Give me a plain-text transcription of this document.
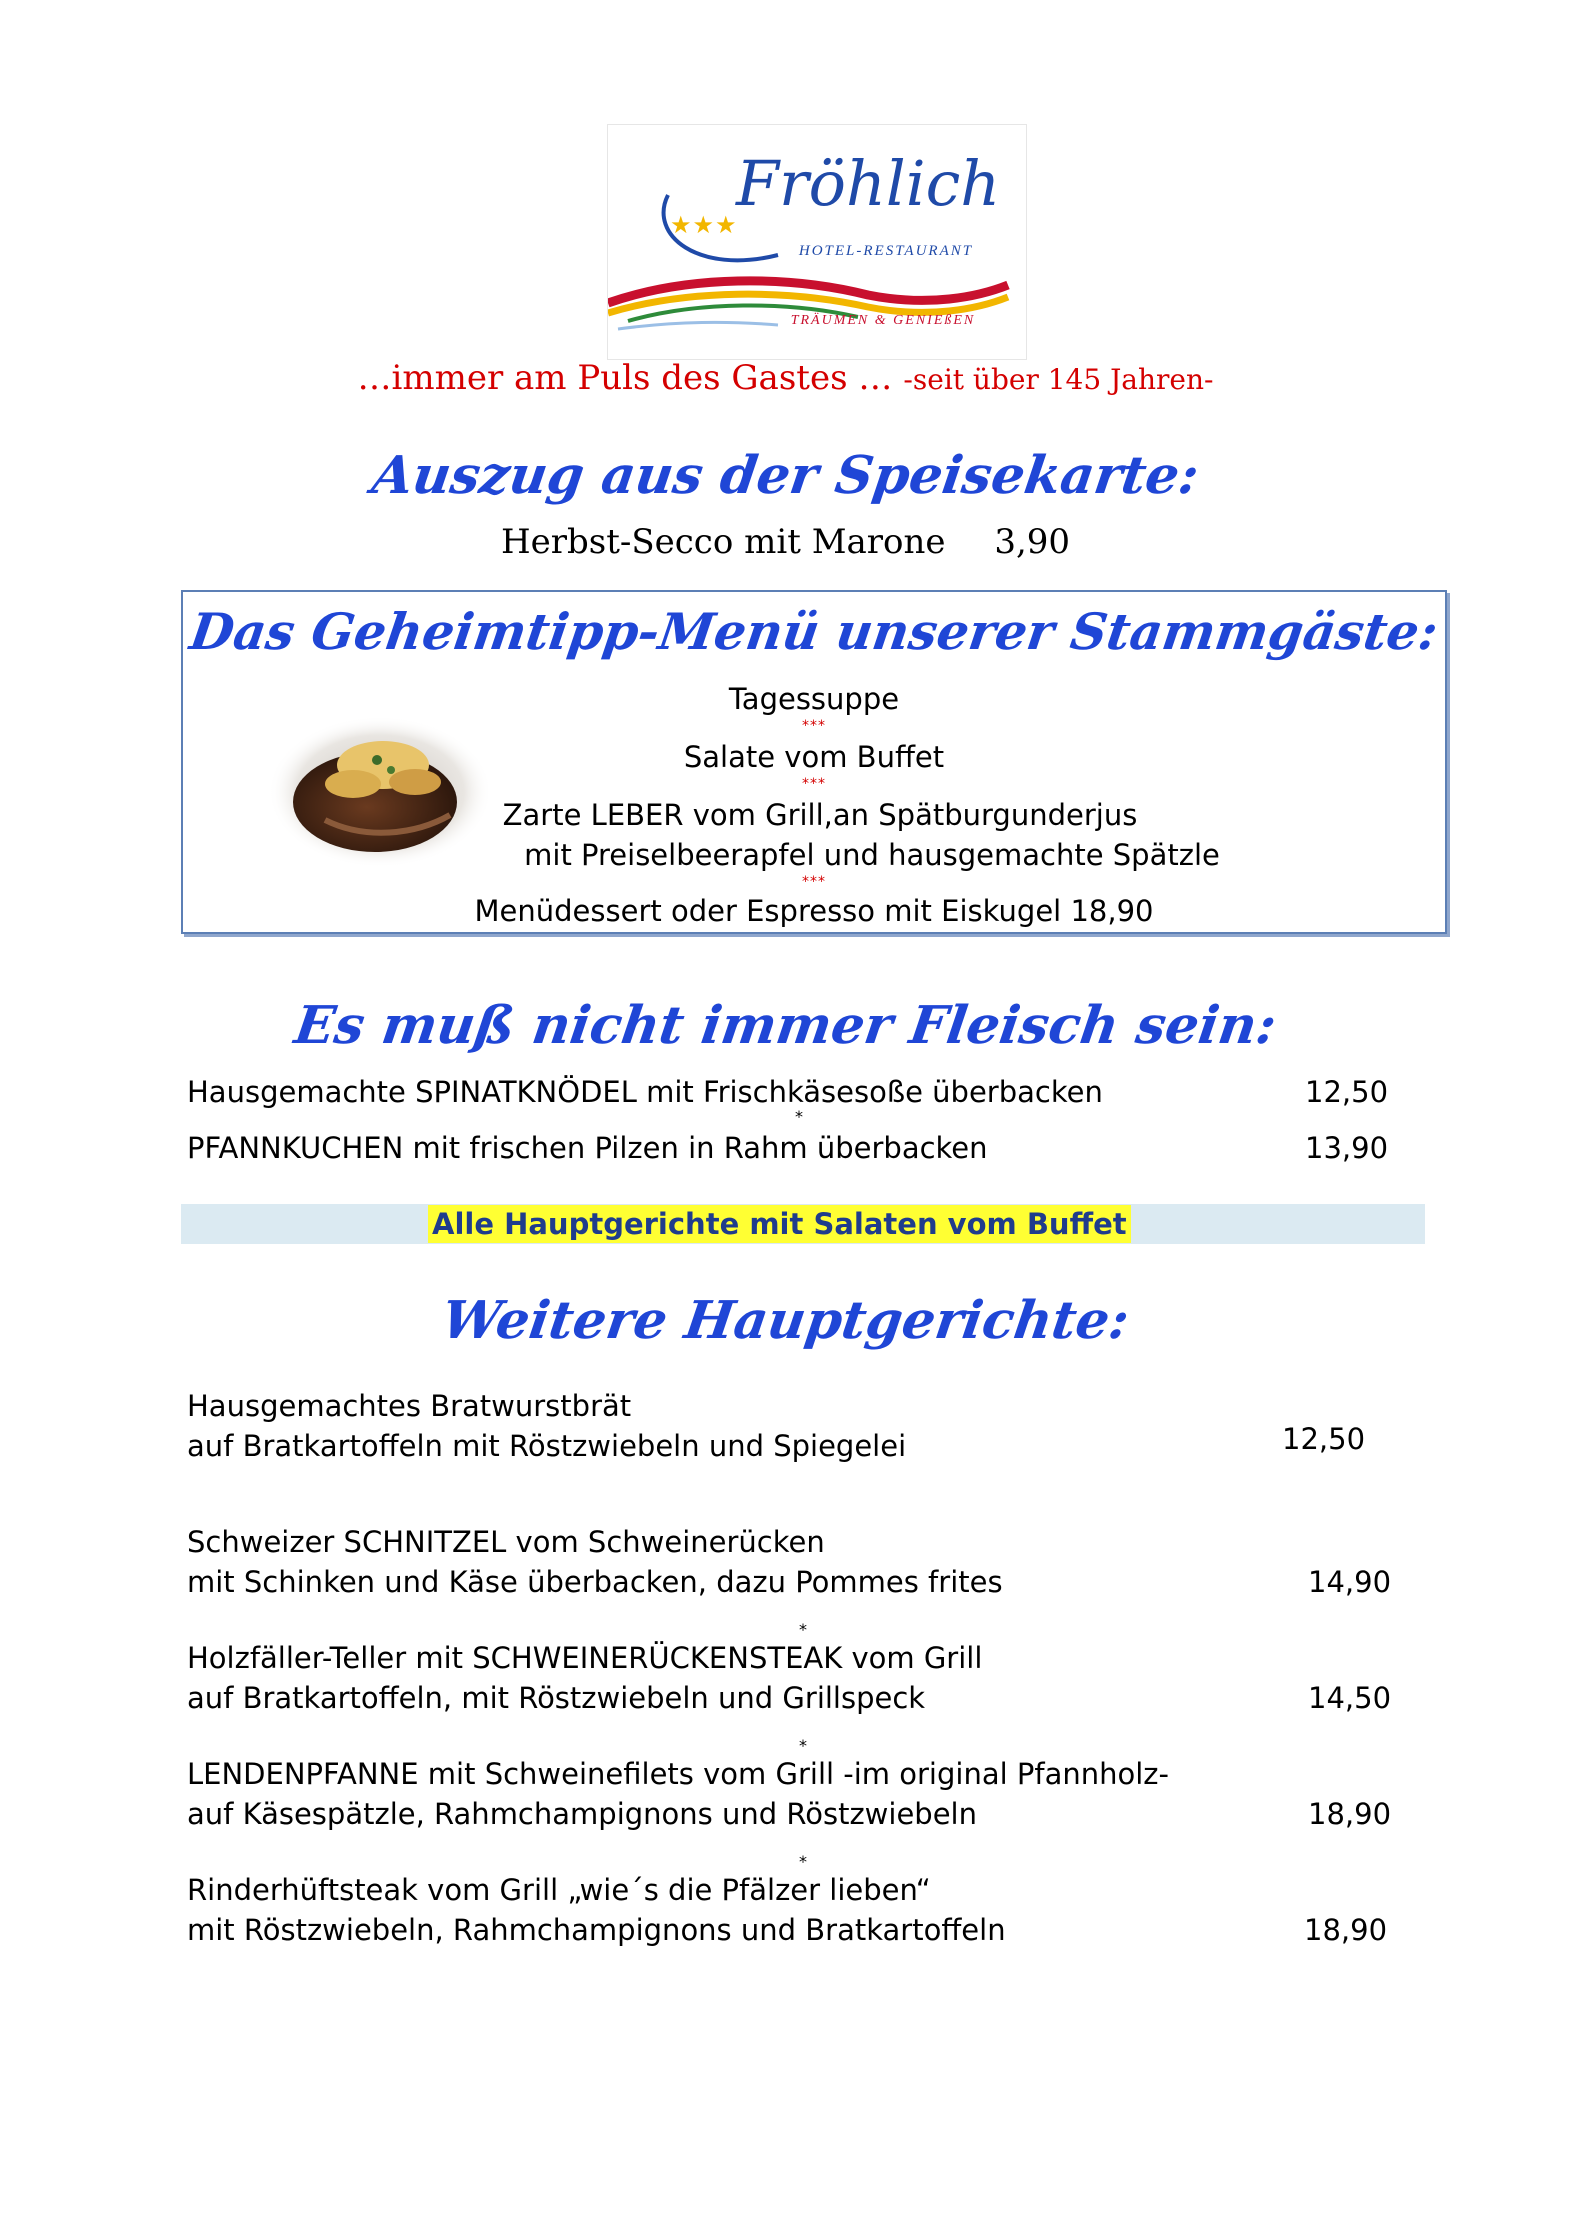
★★★
Fröhlich
HOTEL-RESTAURANT
TRÄUMEN & GENIEßEN
…immer am Puls des Gastes … -seit über 145 Jahren-
Auszug aus der Speisekarte:
Herbst-Secco mit Marone 3,90
Das Geheimtipp-Menü unserer Stammgäste:
Tagessuppe
***
Salate vom Buffet
***
Zarte LEBER vom Grill,an Spätburgunderjus
mit Preiselbeerapfel und hausgemachte Spätzle
***
Menüdessert oder Espresso mit Eiskugel 18,90
Es muß nicht immer Fleisch sein:
Hausgemachte SPINATKNÖDEL mit Frischkäsesoße überbacken	12,50
*
PFANNKUCHEN mit frischen Pilzen in Rahm überbacken	13,90
Alle Hauptgerichte mit Salaten vom Buffet
Weitere Hauptgerichte:
Hausgemachtes Bratwurstbrät
auf Bratkartoffeln mit Röstzwiebeln und Spiegelei	12,50
Schweizer SCHNITZEL vom Schweinerücken
mit Schinken und Käse überbacken, dazu Pommes frites	14,90
*
Holzfäller-Teller mit SCHWEINERÜCKENSTEAK vom Grill
auf Bratkartoffeln, mit Röstzwiebeln und Grillspeck	14,50
*
LENDENPFANNE mit Schweinefilets vom Grill -im original Pfannholz-
auf Käsespätzle, Rahmchampignons und Röstzwiebeln	18,90
*
Rinderhüftsteak vom Grill „wie´s die Pfälzer lieben“
mit Röstzwiebeln, Rahmchampignons und Bratkartoffeln	18,90
